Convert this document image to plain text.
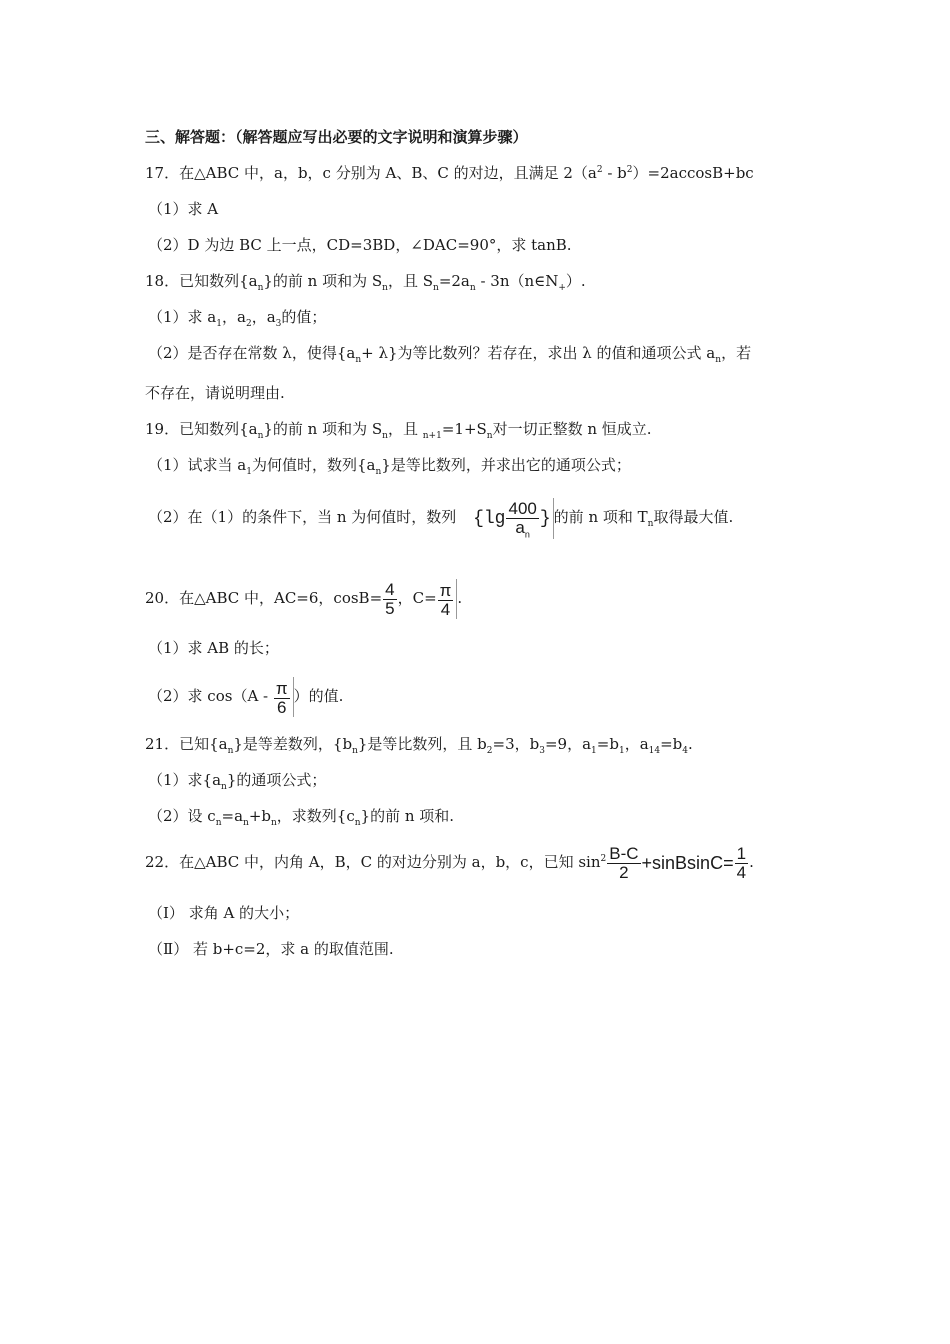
三、解答题：（解答题应写出必要的文字说明和演算步骤）
17．在△ABC 中，a，b，c 分别为 A、B、C 的对边，且满足 $2(a^2 - b^2)=2accosB+bc$
（1）求 A
（2）D 为边 BC 上一点，CD=3BD，∠DAC=90°，求 tanB.
18．已知数列$\{a_n\}$的前 n 项和为 $S_n$，且 $S_n=2a_n$ - $3n(n\in N_+)$.
（1）求 $a_1$，$a_2$，$a_3$的值；
（2）是否存在常数 λ，使得$\{a_n+ \lambda\}$为等比数列？若存在，求出 λ 的值和通项公式 $a_n$，若
不存在，请说明理由.
19．已知数列$\{a_n\}$的前 n 项和为 $S_n$，且 $_{n+1}=1+S_n$对一切正整数 n 恒成立.
（1）试求当 $a_1$为何值时，数列$\{a_n\}$是等比数列，并求出它的通项公式；
（2）在（1）的条件下，当 n 为何值时，数列 {$\lg \frac{400}{a_n}$ } 的前 n 项和 $T_n$取得最大值.
20．在△ABC 中，AC=6，$\cos B= \frac{4}{5}$ ，$C= \frac{\pi}{4}$ .
（1）求 AB 的长；
（2）求 $\cos(A - \frac{\pi}{6}$ ）的值.
21．已知$\{a_n\}$是等差数列，$\{b_n\}$是等比数列，且 $b_2=3$，$b_3=9$，$a_1=b_1$，$a_{14}=b_4$.
（1）求$\{a_n\}$的通项公式；
（2）设 $c_n=a_n+b_n$，求数列$\{c_n\}$的前 n 项和.
22．在△ABC 中，内角 A，B，C 的对边分别为 a，b，c，已知 $\sin^2 \frac{B-C}{2}$ +sinBsinC= $\frac{1}{4}$ .
（Ⅰ） 求角 A 的大小；
（Ⅱ） 若 b+c=2，求 a 的取值范围.
